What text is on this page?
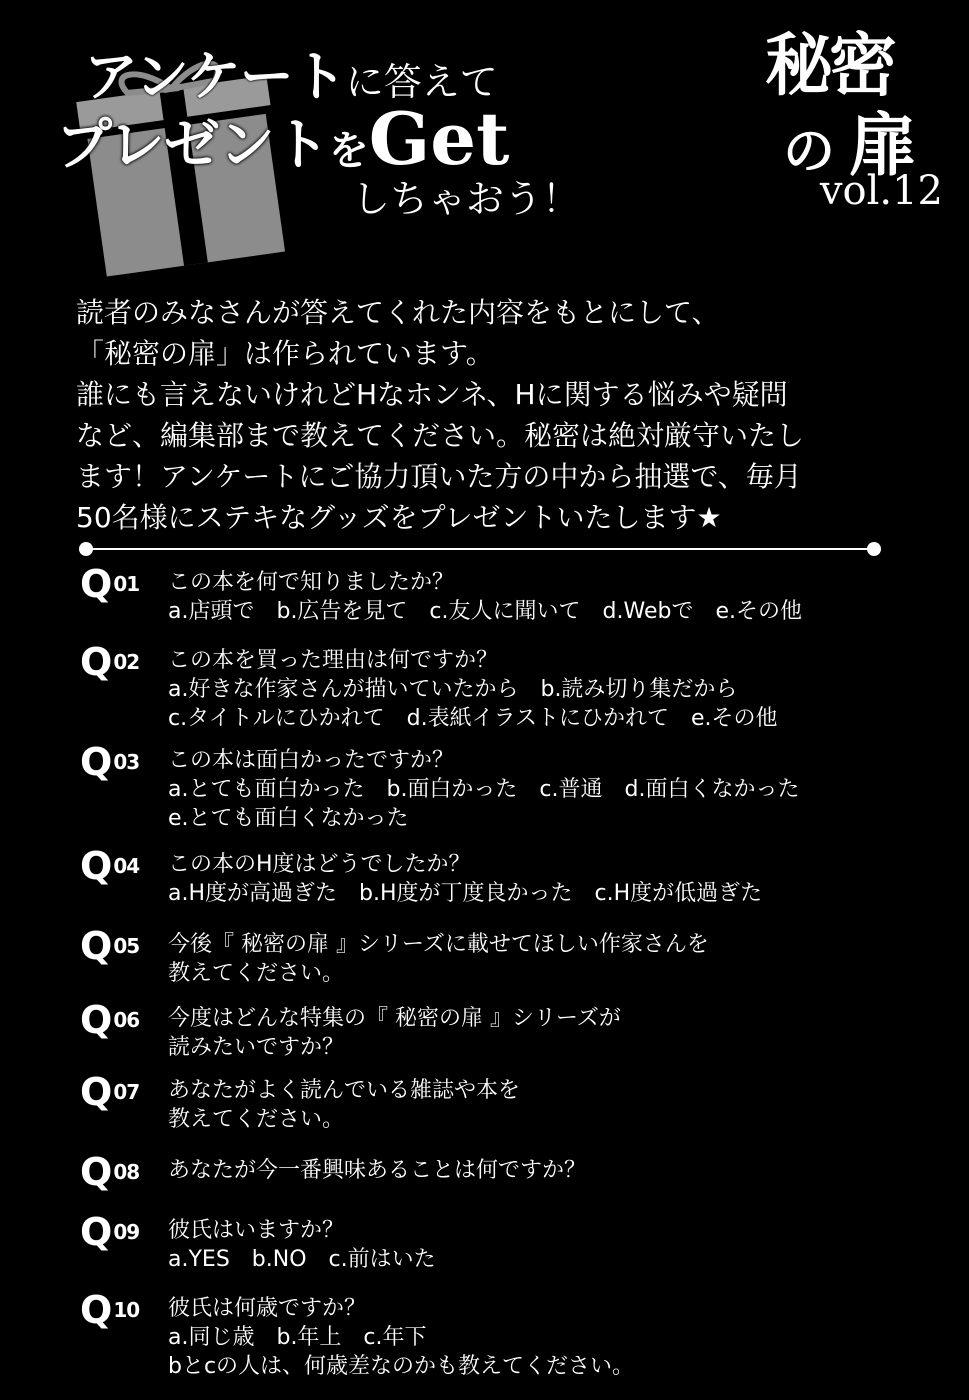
アンケートに答えて
プレゼントをGet
しちゃおう！
秘密
の 扉
vol.12
読者のみなさんが答えてくれた内容をもとにして、
「秘密の扉」は作られています。
誰にも言えないけれどHなホンネ、Hに関する悩みや疑問
など、編集部まで教えてください。秘密は絶対厳守いたし
ます！アンケートにご協力頂いた方の中から抽選で、毎月
50名様にステキなグッズをプレゼントいたします★
Q 01 この本を何で知りましたか？
a.店頭で　b.広告を見て　c.友人に聞いて　d.Webで　e.その他
Q 02 この本を買った理由は何ですか？
a.好きな作家さんが描いていたから　b.読み切り集だから
c.タイトルにひかれて　d.表紙イラストにひかれて　e.その他
Q 03 この本は面白かったですか？
a.とても面白かった　b.面白かった　c.普通　d.面白くなかった
e.とても面白くなかった
Q 04 この本のH度はどうでしたか？
a.H度が高過ぎた　b.H度が丁度良かった　c.H度が低過ぎた
Q 05 今後『 秘密の扉 』シリーズに載せてほしい作家さんを
教えてください。
Q 06 今度はどんな特集の『 秘密の扉 』シリーズが
読みたいですか？
Q 07 あなたがよく読んでいる雑誌や本を
教えてください。
Q 08 あなたが今一番興味あることは何ですか？
Q 09 彼氏はいますか？
a.YES　b.NO　c.前はいた
Q 10 彼氏は何歳ですか？
a.同じ歳　b.年上　c.年下
bとcの人は、何歳差なのかも教えてください。
